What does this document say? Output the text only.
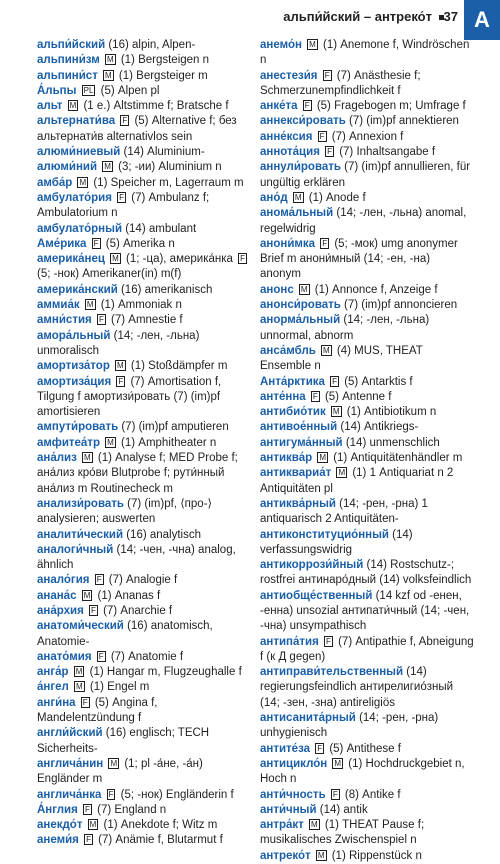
альпи́йский – антреко́т 37 A
альпи́йский (16) alpin, Alpen-
альпини́зм M (1) Bergsteigen n
альпини́ст M (1) Bergsteiger m
А́льпы PL (5) Alpen pl
альт M (1 e.) Altstimme f; Bratsche f
альтернати́ва F (5) Alternative f; без альтернати́в alternativlos sein
алюми́ниевый (14) Aluminium-
алюми́ний M (3; -ии) Aluminium n
амба́р M (1) Speicher m, Lagerraum m
амбулато́рия F (7) Ambulanz f; Ambulatorium n
амбулато́рный (14) ambulant
Аме́рика F (5) Amerika n
америка́нец M (1; -ца), америка́нка F (5; -нок) Amerikaner(in) m(f)
америка́нский (16) amerikanisch
аммиа́к M (1) Ammoniak n
амни́стия F (7) Amnestie f
амора́льный (14; -лен, -льна) unmoralisch
амортиза́тор M (1) Stoßdämpfer m
амортиза́ция F (7) Amortisation f, Tilgung f амортизи́ровать (7) (im)pf amortisieren
ампути́ровать (7) (im)pf amputieren
амфитеа́тр M (1) Amphitheater n
ана́лиз M (1) Analyse f; MED Probe f; ана́лиз кро́ви Blutprobe f; рути́нный ана́лиз m Routinecheck m
анализи́ровать (7) (im)pf, ⟨про-⟩ analysieren; auswerten
аналити́ческий (16) analytisch
аналоги́чный (14; -чен, -чна) analog, ähnlich
анало́гия F (7) Analogie f
анана́с M (1) Ananas f
ана́рхия F (7) Anarchie f
анатоми́ческий (16) anatomisch, Anatomie-
анато́мия F (7) Anatomie f
анга́р M (1) Hangar m, Flugzeughalle f
а́нгел M (1) Engel m
анги́на F (5) Angina f, Mandelentzündung f
англи́йский (16) englisch; TECH Sicherheits-
англича́нин M (1; pl -а́не, -а́н) Engländer m
англича́нка F (5; -нок) Engländerin f
А́нглия F (7) England n
анекдо́т M (1) Anekdote f; Witz m
анеми́я F (7) Anämie f, Blutarmut f
анемо́н M (1) Anemone f, Windröschen n
анестези́я F (7) Anästhesie f; Schmerzunempfindlichkeit f
анке́та F (5) Fragebogen m; Umfrage f
аннекси́ровать (7) (im)pf annektieren
анне́ксия F (7) Annexion f
аннота́ция F (7) Inhaltsangabe f
аннули́ровать (7) (im)pf annullieren, für ungültig erklären
ано́д M (1) Anode f
анома́льный (14; -лен, -льна) anomal, regelwidrig
анони́мка F (5; -мок) umg anonymer Brief m анони́мный (14; -ен, -на) anonym
анонс M (1) Annonce f, Anzeige f
анонси́ровать (7) (im)pf annoncieren
анорма́льный (14; -лен, -льна) unnormal, abnorm
анса́мбль M (4) MUS, THEAT Ensemble n
Анта́рктика F (5) Antarktis f
анте́нна F (5) Antenne f
антибио́тик M (1) Antibiotikum n
антивое́нный (14) Antikriegs-
антигума́нный (14) unmenschlich
антиква́р M (1) Antiquitätenhändler m
антиквариа́т M (1) 1 Antiquariat n 2 Antiquitäten pl
антиква́рный (14; -рен, -рна) 1 antiquarisch 2 Antiquitäten-
антиконституцио́нный (14) verfassungswidrig
антикоррози́йный (14) Rostschutz-; rostfrei антинаро́дный (14) volksfeindlich
антиобще́ственный (14 kzf od -енен, -енна) unsozial антипати́чный (14; -чен, -чна) unsympathisch
антипа́тия F (7) Antipathie f, Abneigung f (к Д gegen)
антиправи́тельственный (14) regierungsfeindlich антирелигио́зный (14; -зен, -зна) antireligiös
антисанита́рный (14; -рен, -рна) unhygienisch
антите́за F (5) Antithese f
антицикло́н M (1) Hochdruckgebiet n, Hoch n
анти́чность F (8) Antike f
анти́чный (14) antik
антра́кт M (1) THEAT Pause f; musikalisches Zwischenspiel n
антреко́т M (1) Rippenstück n
